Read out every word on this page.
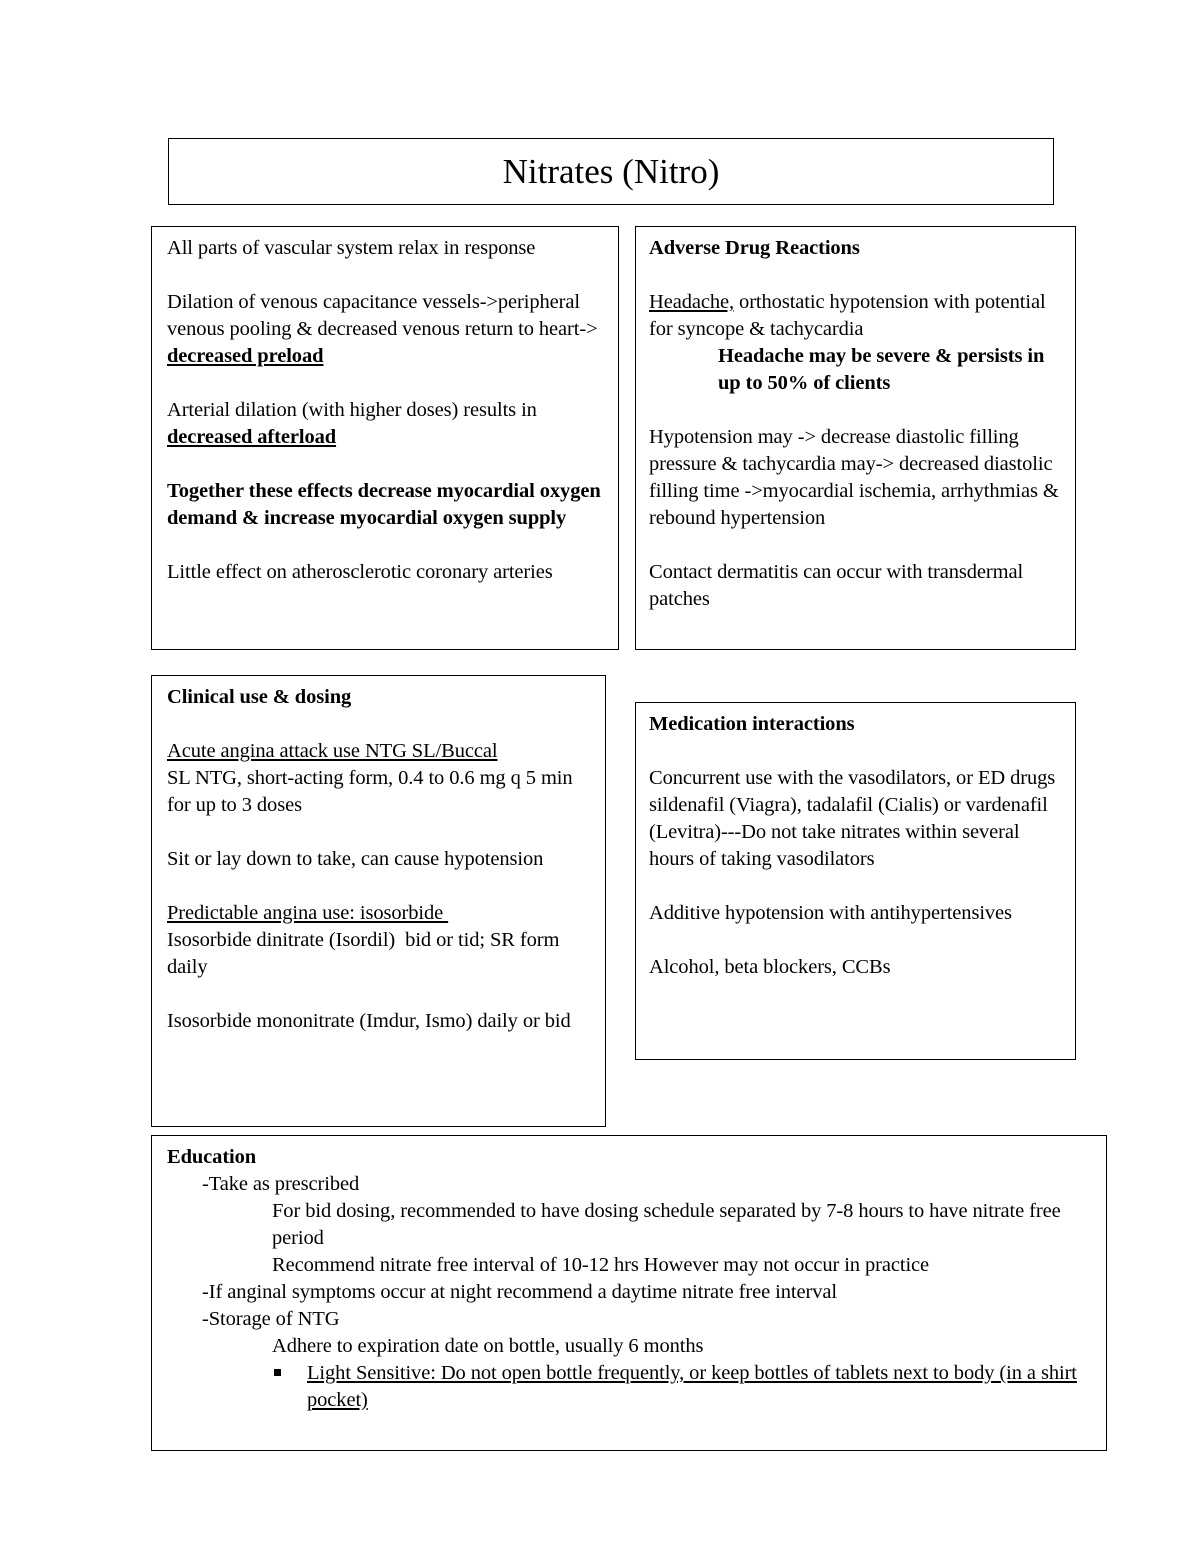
Nitrates (Nitro)

All parts of vascular system relax in response

Dilation of venous capacitance vessels->peripheral venous pooling & decreased venous return to heart-> decreased preload

Arterial dilation (with higher doses) results in decreased afterload

Together these effects decrease myocardial oxygen demand & increase myocardial oxygen supply

Little effect on atherosclerotic coronary arteries

Adverse Drug Reactions

Headache, orthostatic hypotension with potential for syncope & tachycardia

Headache may be severe & persists in up to 50% of clients

Hypotension may -> decrease diastolic filling pressure & tachycardia may-> decreased diastolic filling time ->myocardial ischemia, arrhythmias & rebound hypertension

Contact dermatitis can occur with transdermal patches

Clinical use & dosing

Acute angina attack use NTG SL/Buccal

SL NTG, short-acting form, 0.4 to 0.6 mg q 5 min for up to 3 doses

Sit or lay down to take, can cause hypotension

Predictable angina use: isosorbide

Isosorbide dinitrate (Isordil)  bid or tid; SR form daily

Isosorbide mononitrate (Imdur, Ismo) daily or bid

Medication interactions

Concurrent use with the vasodilators, or ED drugs sildenafil (Viagra), tadalafil (Cialis) or vardenafil (Levitra)---Do not take nitrates within several hours of taking vasodilators

Additive hypotension with antihypertensives

Alcohol, beta blockers, CCBs

Education

-Take as prescribed

For bid dosing, recommended to have dosing schedule separated by 7-8 hours to have nitrate free period

Recommend nitrate free interval of 10-12 hrs However may not occur in practice

-If anginal symptoms occur at night recommend a daytime nitrate free interval

-Storage of NTG

Adhere to expiration date on bottle, usually 6 months

Light Sensitive: Do not open bottle frequently, or keep bottles of tablets next to body (in a shirt pocket)
